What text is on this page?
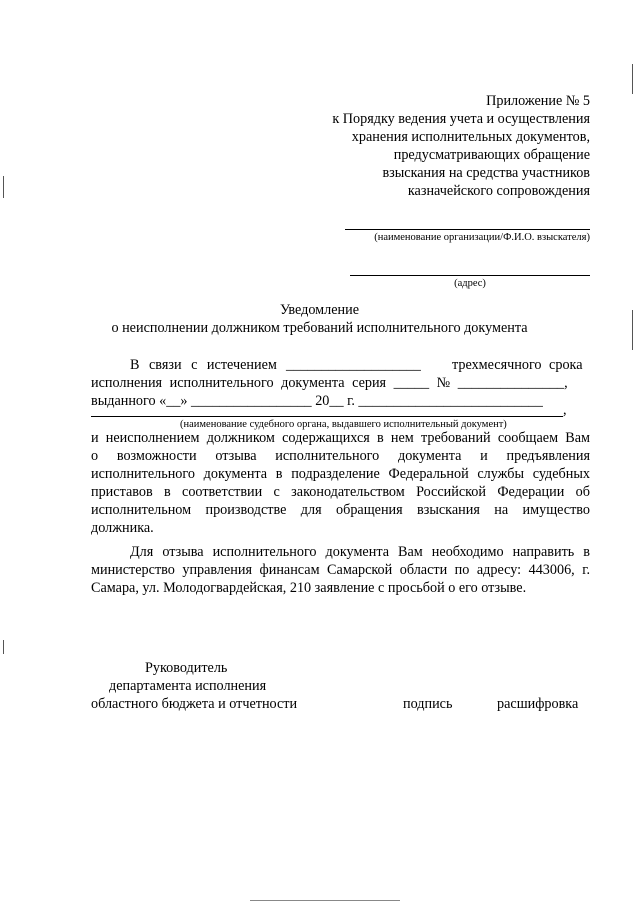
Приложение № 5
к Порядку ведения учета и осуществления
хранения исполнительных документов,
предусматривающих обращение
взыскания на средства участников
казначейского сопровождения
(наименование организации/Ф.И.О. взыскателя)
(адрес)
Уведомление
о неисполнении должником требований исполнительного документа
В связи с истечением ___________________ трехмесячного срока
исполнения исполнительного документа серия _____ № _______________,
выданного «__» _________________ 20__ г. __________________________
,
(наименование судебного органа, выдавшего исполнительный документ)
и неисполнением должником содержащихся в нем требований сообщаем Вам
о возможности отзыва исполнительного документа и предъявления
исполнительного документа в подразделение Федеральной службы судебных
приставов в соответствии с законодательством Российской Федерации об
исполнительном производстве для обращения взыскания на имущество
должника.
Для отзыва исполнительного документа Вам необходимо направить в
министерство управления финансам Самарской области по адресу: 443006, г.
Самара, ул. Молодогвардейская, 210 заявление с просьбой о его отзыве.
Руководитель
департамента исполнения
областного бюджета и отчетности	подпись	расшифровка
